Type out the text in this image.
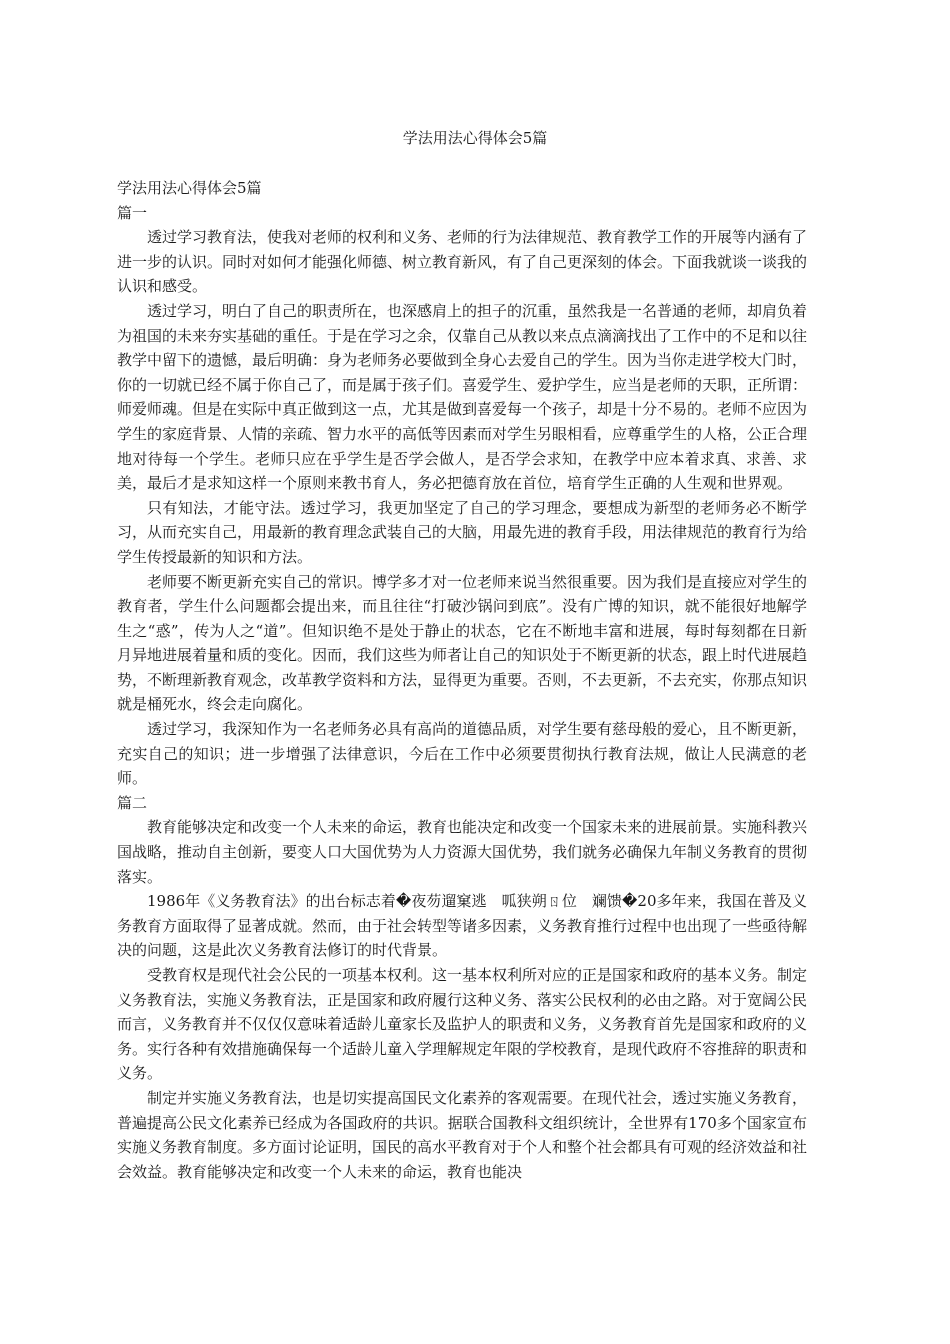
学法用法心得体会5篇

学法用法心得体会5篇

篇一

透过学习教育法，使我对老师的权利和义务、老师的行为法律规范、教育教学工作的开展等内涵有了进一步的认识。同时对如何才能强化师德、树立教育新风，有了自己更深刻的体会。下面我就谈一谈我的认识和感受。

透过学习，明白了自己的职责所在，也深感肩上的担子的沉重，虽然我是一名普通的老师，却肩负着为祖国的未来夯实基础的重任。于是在学习之余，仅靠自己从教以来点点滴滴找出了工作中的不足和以往教学中留下的遗憾，最后明确：身为老师务必要做到全身心去爱自己的学生。因为当你走进学校大门时，你的一切就已经不属于你自己了，而是属于孩子们。喜爱学生、爱护学生，应当是老师的天职，正所谓：师爱师魂。但是在实际中真正做到这一点，尤其是做到喜爱每一个孩子，却是十分不易的。老师不应因为学生的家庭背景、人情的亲疏、智力水平的高低等因素而对学生另眼相看，应尊重学生的人格，公正合理地对待每一个学生。老师只应在乎学生是否学会做人，是否学会求知，在教学中应本着求真、求善、求美，最后才是求知这样一个原则来教书育人，务必把德育放在首位，培育学生正确的人生观和世界观。

只有知法，才能守法。透过学习，我更加坚定了自己的学习理念，要想成为新型的老师务必不断学习，从而充实自己，用最新的教育理念武装自己的大脑，用最先进的教育手段，用法律规范的教育行为给学生传授最新的知识和方法。

老师要不断更新充实自己的常识。博学多才对一位老师来说当然很重要。因为我们是直接应对学生的教育者，学生什么问题都会提出来，而且往往“打破沙锅问到底”。没有广博的知识，就不能很好地解学生之“惑”，传为人之“道”。但知识绝不是处于静止的状态，它在不断地丰富和进展，每时每刻都在日新月异地进展着量和质的变化。因而，我们这些为师者让自己的知识处于不断更新的状态，跟上时代进展趋势，不断理新教育观念，改革教学资料和方法，显得更为重要。否则，不去更新，不去充实，你那点知识就是桶死水，终会走向腐化。

透过学习，我深知作为一名老师务必具有高尚的道德品质，对学生要有慈母般的爱心，且不断更新，充实自己的知识；进一步增强了法律意识，今后在工作中必须要贯彻执行教育法规，做让人民满意的老师。

篇二

教育能够决定和改变一个人未来的命运，教育也能决定和改变一个国家未来的进展前景。实施科教兴国战略，推动自主创新，要变人口大国优势为人力资源大国优势，我们就务必确保九年制义务教育的贯彻落实。

1986年《义务教育法》的出台标志着�夜芴遛窠逃　呱狭朔ㄖ位　斓馈�20多年来，我国在普及义务教育方面取得了显著成就。然而，由于社会转型等诸多因素，义务教育推行过程中也出现了一些亟待解决的问题，这是此次义务教育法修订的时代背景。

受教育权是现代社会公民的一项基本权利。这一基本权利所对应的正是国家和政府的基本义务。制定义务教育法，实施义务教育法，正是国家和政府履行这种义务、落实公民权利的必由之路。对于宽阔公民而言，义务教育并不仅仅仅意味着适龄儿童家长及监护人的职责和义务，义务教育首先是国家和政府的义务。实行各种有效措施确保每一个适龄儿童入学理解规定年限的学校教育，是现代政府不容推辞的职责和义务。

制定并实施义务教育法，也是切实提高国民文化素养的客观需要。在现代社会，透过实施义务教育，普遍提高公民文化素养已经成为各国政府的共识。据联合国教科文组织统计，全世界有170多个国家宣布实施义务教育制度。多方面讨论证明，国民的高水平教育对于个人和整个社会都具有可观的经济效益和社会效益。教育能够决定和改变一个人未来的命运，教育也能决
